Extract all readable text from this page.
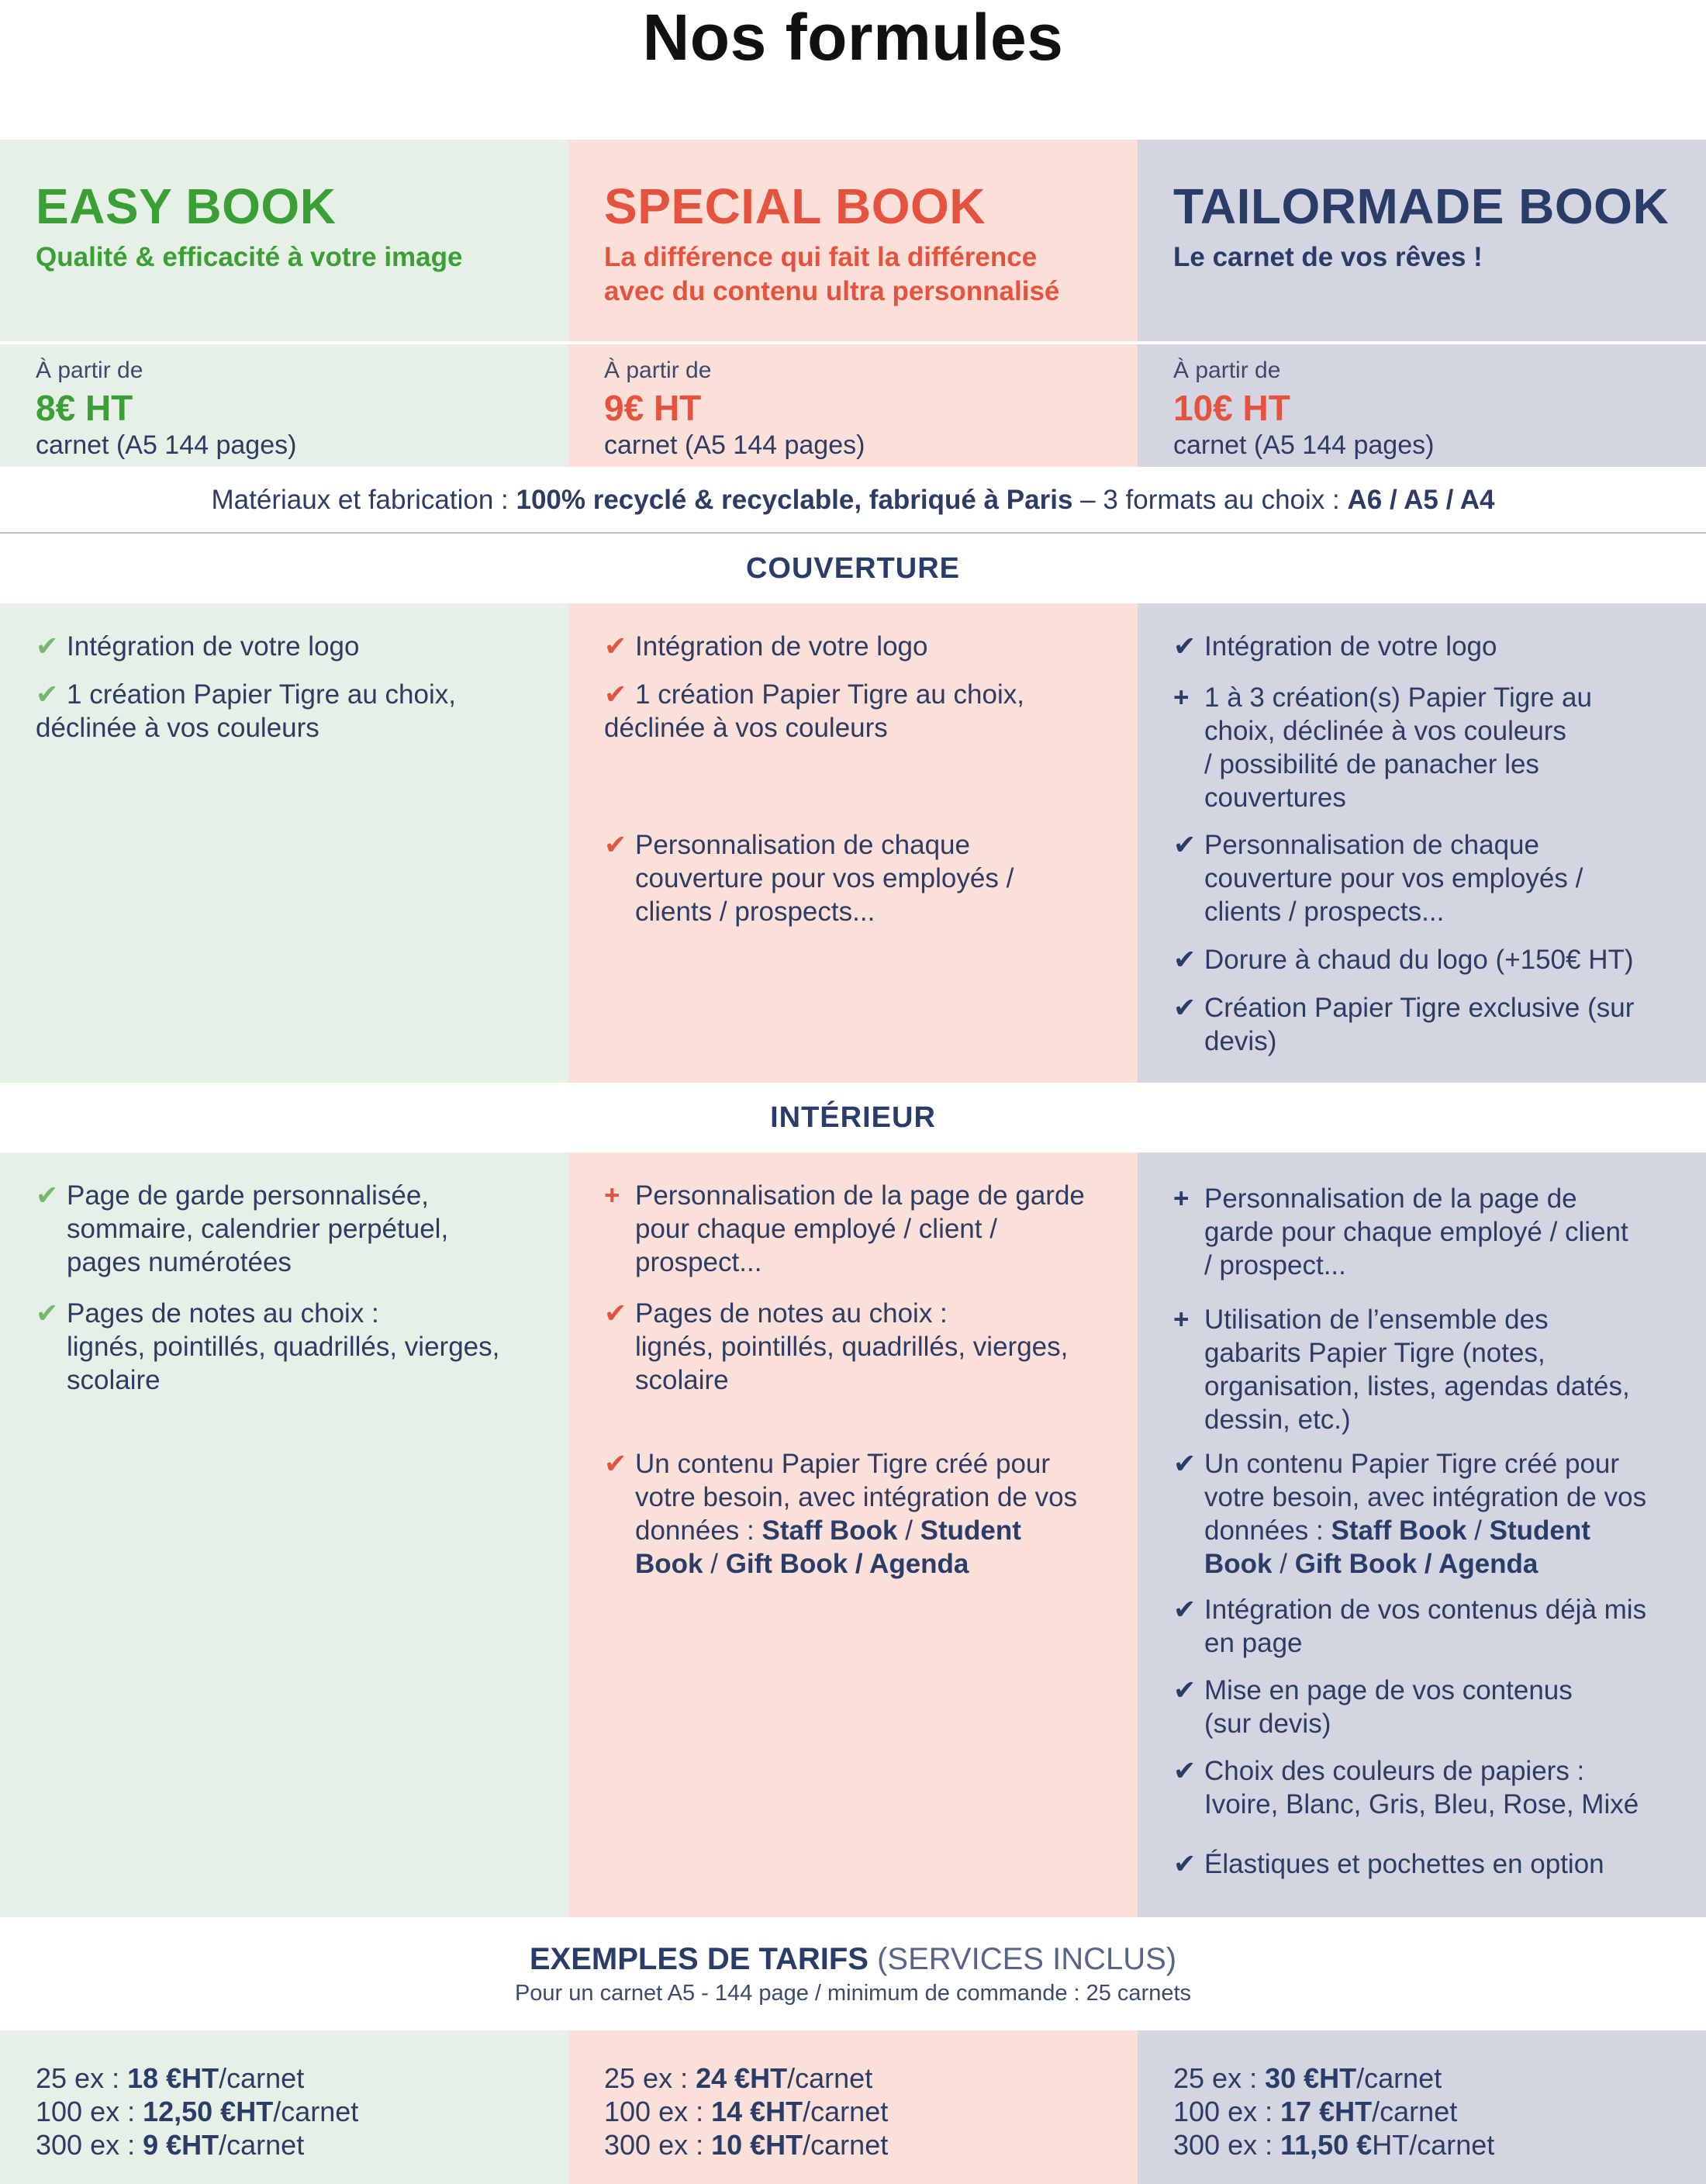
Nos formules
EASY BOOK
Qualité & efficacité à votre image
SPECIAL BOOK
La différence qui fait la différence
avec du contenu ultra personnalisé
TAILORMADE BOOK
Le carnet de vos rêves !
À partir de
8€ HT
carnet (A5 144 pages)
À partir de
9€ HT
carnet (A5 144 pages)
À partir de
10€ HT
carnet (A5 144 pages)
Matériaux et fabrication : 100% recyclé & recyclable, fabriqué à Paris – 3 formats au choix : A6 / A5 / A4
COUVERTURE
✔ Intégration de votre logo
✔ 1 création Papier Tigre au choix,
déclinée à vos couleurs
✔ Intégration de votre logo
✔ 1 création Papier Tigre au choix,
déclinée à vos couleurs
✔ Personnalisation de chaque
couverture pour vos employés /
clients / prospects...
✔ Intégration de votre logo
+ 1 à 3 création(s) Papier Tigre au
choix, déclinée à vos couleurs
/ possibilité de panacher les
couvertures
✔ Personnalisation de chaque
couverture pour vos employés /
clients / prospects...
✔ Dorure à chaud du logo (+150€ HT)
✔ Création Papier Tigre exclusive (sur
devis)
INTÉRIEUR
✔ Page de garde personnalisée,
sommaire, calendrier perpétuel,
pages numérotées
✔ Pages de notes au choix :
lignés, pointillés, quadrillés, vierges,
scolaire
+ Personnalisation de la page de garde
pour chaque employé / client /
prospect...
✔ Pages de notes au choix :
lignés, pointillés, quadrillés, vierges,
scolaire
✔ Un contenu Papier Tigre créé pour
votre besoin, avec intégration de vos
données : Staff Book / Student
Book / Gift Book / Agenda
+ Personnalisation de la page de
garde pour chaque employé / client
/ prospect...
+ Utilisation de l’ensemble des
gabarits Papier Tigre (notes,
organisation, listes, agendas datés,
dessin, etc.)
✔ Un contenu Papier Tigre créé pour
votre besoin, avec intégration de vos
données : Staff Book / Student
Book / Gift Book / Agenda
✔ Intégration de vos contenus déjà mis
en page
✔ Mise en page de vos contenus
(sur devis)
✔ Choix des couleurs de papiers :
Ivoire, Blanc, Gris, Bleu, Rose, Mixé
✔ Élastiques et pochettes en option
EXEMPLES DE TARIFS (SERVICES INCLUS)
Pour un carnet A5 - 144 page / minimum de commande : 25 carnets
25 ex : 18 €HT/carnet
100 ex : 12,50 €HT/carnet
300 ex : 9 €HT/carnet
25 ex : 24 €HT/carnet
100 ex : 14 €HT/carnet
300 ex : 10 €HT/carnet
25 ex : 30 €HT/carnet
100 ex : 17 €HT/carnet
300 ex : 11,50 €HT/carnet
